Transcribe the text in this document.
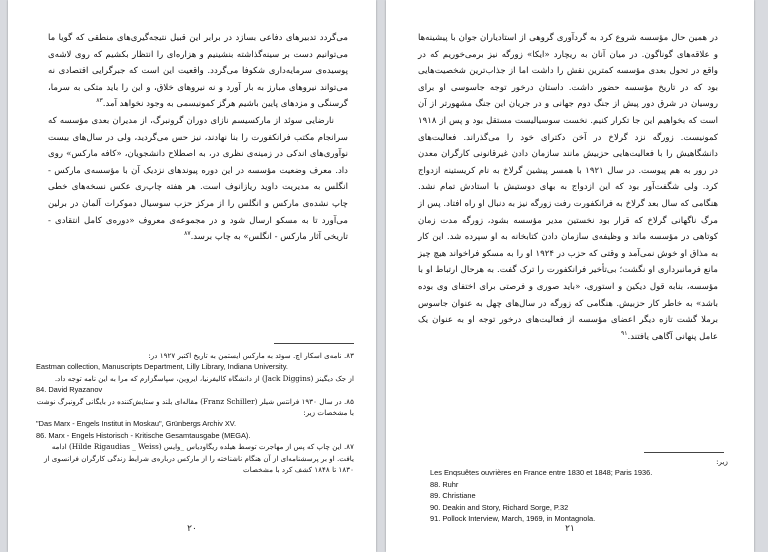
می‌گردد تدبیرهای دفاعی بسازد در برابر این قبیل نتیجه‌گیری‌های منطقی که گویا ما می‌توانیم دست بر سینه‌گذاشته بنشینیم و هزاره‌ای را انتظار بکشیم که روی لاشه‌ی پوسیده‌ی سرمایه‌داری شکوفا می‌گردد. واقعیت این است که جبرگرایی اقتصادی نه می‌تواند نیروهای مبارز به بار آورد و نه نیروهای خلاق، و این را باید متکی به سرما، گرسنگی و مزدهای پایین باشیم هرگز کمونیسمی به وجود نخواهد آمد.$^{۸۳}$

نارضایی سوئد از مارکسیسم نازای دوران گرونبرگ، از مدیران بعدی مؤسسه که سرانجام مکتب فرانکفورت را بنا نهادند، نیز حس می‌گردید، ولی در سال‌های بیست نوآوری‌های اندکی در زمینه‌ی نظری در، به اصطلاح دانشجویان، «کافه مارکس» روی داد. معرف وضعیت مؤسسه در این دوره پیوندهای نزدیک آن با مؤسسه‌ی مارکس - انگلس به مدیریت داوید ریازانوف است. هر هفته چاپ‌ری عکس نسخه‌های خطی چاپ نشده‌ی مارکس و انگلس را از مرکز حزب سوسیال دموکرات آلمان در برلین می‌آورد تا به مسکو ارسال شود و در مجموعه‌ی معروف «دوره‌ی کامل انتقادی - تاریخی آثار مارکس - انگلس» به چاپ برسد.$^{۸۷}$

۸۳. نامه‌ی اسکار اچ. سوئد به مارکس ایستمن به تاریخ اکتبر ۱۹۲۷ در:
Eastman collection, Manuscripts Department, Lilly Library, Indiana University.
از جک دیگینز (Jack Diggins) از دانشگاه کالیفرنیا، ایروین، سپاسگزارم که مرا به این نامه توجه داد.
84. David Ryazanov
۸۵. در سال ۱۹۳۰ فرانتس شیلر (Franz Schiller) مقاله‌ای بلند و ستایش‌کننده در بایگانی گرونبرگ نوشت با مشخصات زیر:
"Das Marx - Engels Institut in Moskau", Grünbergs Archiv XV.
86. Marx - Engels Historisch - Kritische Gesamtausgabe (MEGA).
۸۷. این چاپ که پس از مهاجرت توسط هیلده ریگاودیاس _وایس (Hilde Rigaudias _ Weiss) ادامه یافت. او بر پرسشنامه‌ای از آن هنگام ناشناخته را از مارکس درباره‌ی شرایط زندگی کارگران فرانسوی از ۱۸۳۰ تا ۱۸۴۸ کشف کرد با مشخصات
۲۰

در همین حال مؤسسه شروع کرد به گردآوری گروهی از استادیاران جوان با پیشینه‌ها و علاقه‌های گوناگون. در میان آنان به ریچارد «ایکا» زورگه نیز برمی‌خوریم که در واقع در تحول بعدی مؤسسه کمترین نقش را داشت اما از جذاب‌ترین شخصیت‌هایی بود که در تاریخ مؤسسه حضور داشت. داستان درخور توجه جاسوسی او برای روسیان در شرق دور پیش از جنگ دوم جهانی و در جریان این جنگ مشهورتر از آن است که بخواهیم این جا تکرار کنیم. نخست سوسیالیست مستقل بود و پس از ۱۹۱۸ کمونیست. زورگه نزد گرلاخ در آخن دکترای خود را می‌گذراند. فعالیت‌های دانشگاهیش را با فعالیت‌هایی حزبیش مانند سازمان دادن غیرقانونی کارگران معدن در رور به هم پیوست. در سال ۱۹۲۱ با همسر پیشین گرلاخ به نام کریستینه ازدواج کرد. ولی شگفت‌آور بود که این ازدواج به بهای دوستیش با استادش تمام نشد. هنگامی که سال بعد گرلاخ به فرانکفورت رفت زورگه نیز به دنبال او راه افتاد. پس از مرگ ناگهانی گرلاخ که قرار بود نخستین مدیر مؤسسه بشود، زورگه مدت زمان کوتاهی در مؤسسه ماند و وظیفه‌ی سازمان دادن کتابخانه به او سپرده شد. این کار به مذاق او خوش نمی‌آمد و وقتی که حزب در ۱۹۲۴ او را به مسکو فراخواند هیچ چیز مانع فرمانبرداری او نگشت؛ بی‌تأخیر فرانکفورت را ترک گفت. به هرحال ارتباط او با مؤسسه، بنابه قول دیکین و استوری، «باید صوری و فرصتی برای اختفای وی بوده باشد» به خاطر کار حزبیش. هنگامی که زورگه در سال‌های چهل به عنوان جاسوس برملا گشت تازه دیگر اعضای مؤسسه از فعالیت‌های درخور توجه او به عنوان یک عامل پنهانی آگاهی یافتند.$^{۹۱}$

زیر:
Les Enqsuêtes ouvrières en France entre 1830 et 1848; Paris 1936.
88. Ruhr
89. Christiane
90. Deakin and Story, Richard Sorge, P.32
91. Pollock Interview, March, 1969, in Montagnola.
۲۱
